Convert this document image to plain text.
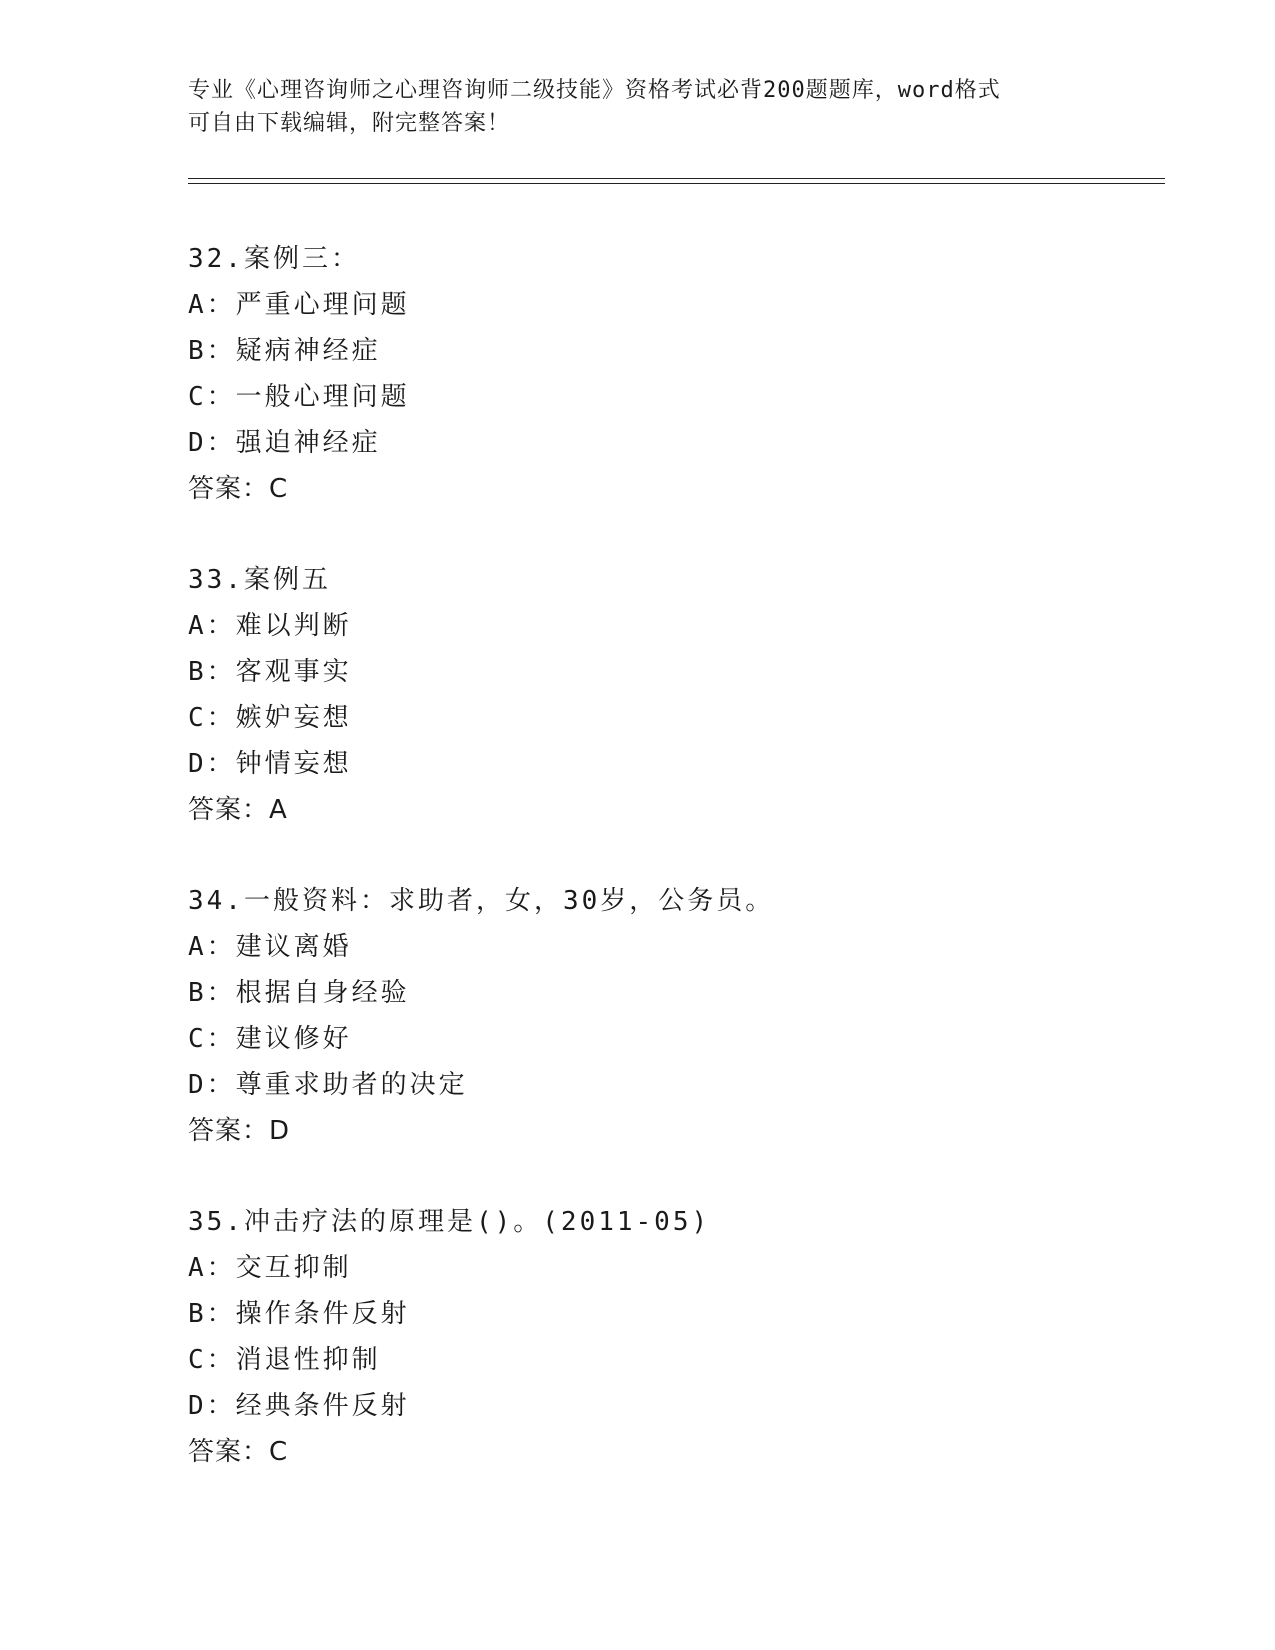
专业《心理咨询师之心理咨询师二级技能》资格考试必背200题题库，word格式
可自由下载编辑，附完整答案！
32.案例三：
A：严重心理问题
B：疑病神经症
C：一般心理问题
D：强迫神经症
答案：C
33.案例五
A：难以判断
B：客观事实
C：嫉妒妄想
D：钟情妄想
答案：A
34.一般资料：求助者，女，30岁，公务员。
A：建议离婚
B：根据自身经验
C：建议修好
D：尊重求助者的决定
答案：D
35.冲击疗法的原理是()。(2011-05)
A：交互抑制
B：操作条件反射
C：消退性抑制
D：经典条件反射
答案：C
